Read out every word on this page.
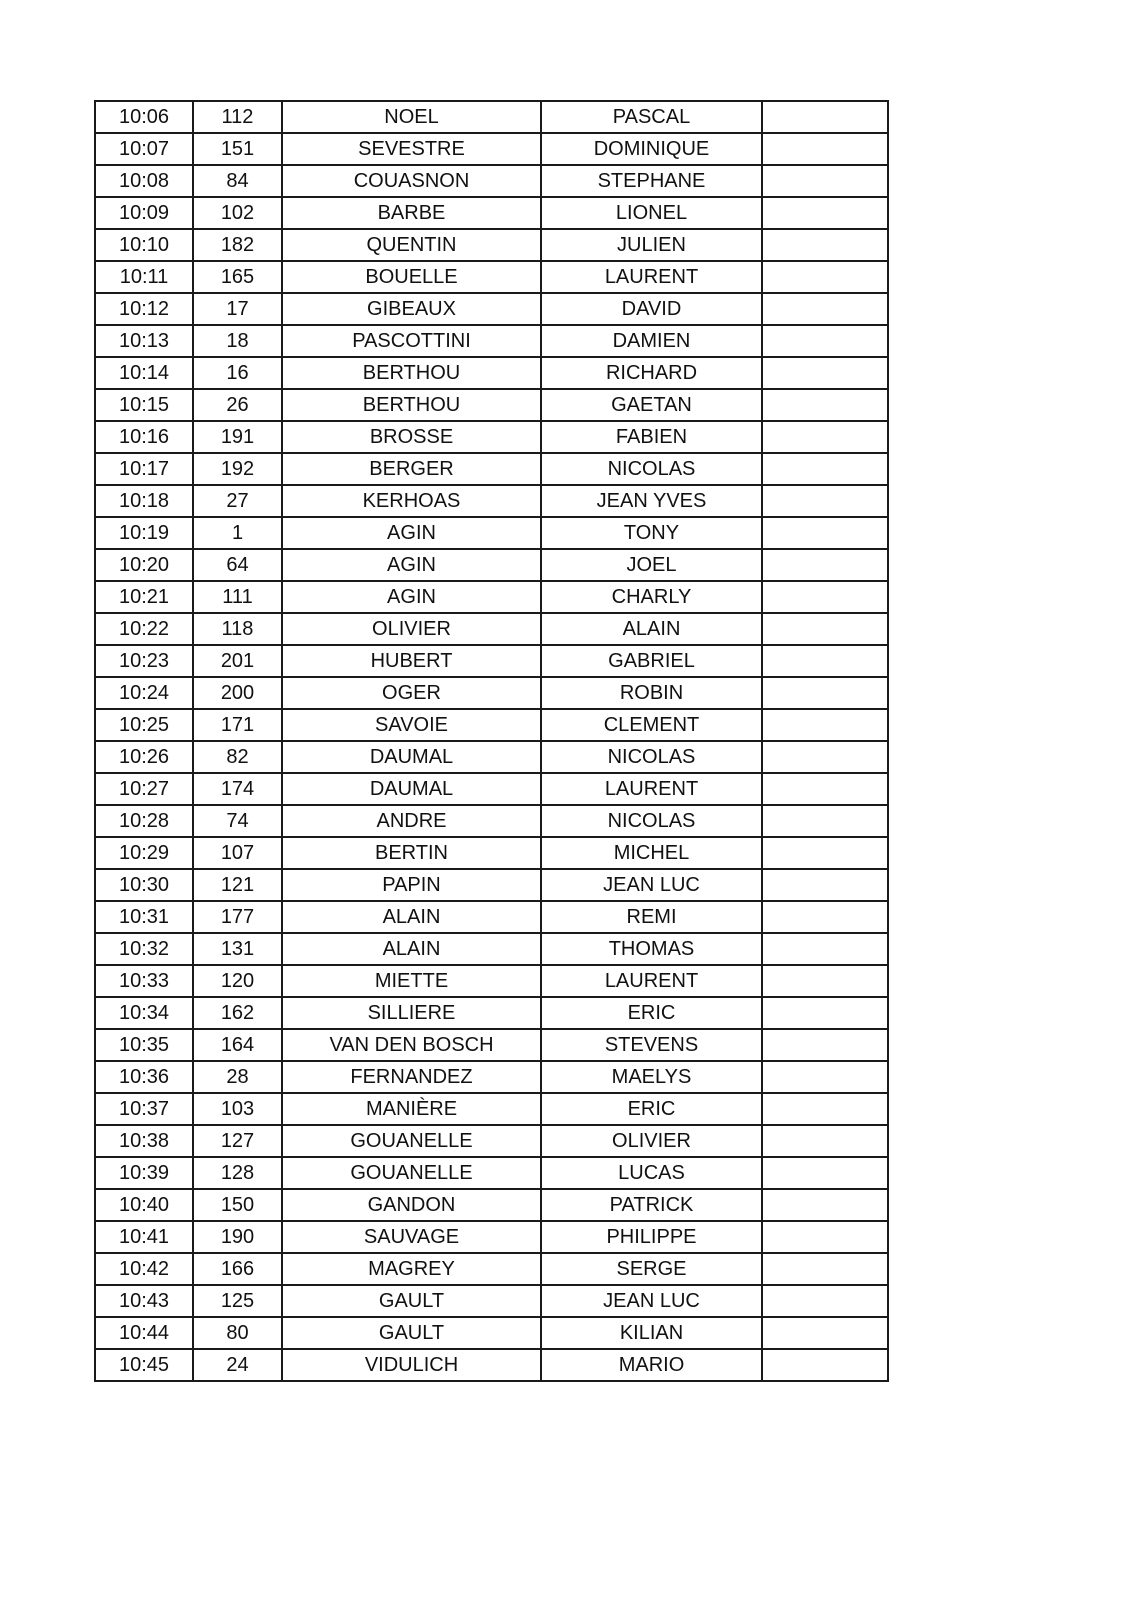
10:06	112	NOEL	PASCAL	
10:07	151	SEVESTRE	DOMINIQUE	
10:08	84	COUASNON	STEPHANE	
10:09	102	BARBE	LIONEL	
10:10	182	QUENTIN	JULIEN	
10:11	165	BOUELLE	LAURENT	
10:12	17	GIBEAUX	DAVID	
10:13	18	PASCOTTINI	DAMIEN	
10:14	16	BERTHOU	RICHARD	
10:15	26	BERTHOU	GAETAN	
10:16	191	BROSSE	FABIEN	
10:17	192	BERGER	NICOLAS	
10:18	27	KERHOAS	JEAN YVES	
10:19	1	AGIN	TONY	
10:20	64	AGIN	JOEL	
10:21	111	AGIN	CHARLY	
10:22	118	OLIVIER	ALAIN	
10:23	201	HUBERT	GABRIEL	
10:24	200	OGER	ROBIN	
10:25	171	SAVOIE	CLEMENT	
10:26	82	DAUMAL	NICOLAS	
10:27	174	DAUMAL	LAURENT	
10:28	74	ANDRE	NICOLAS	
10:29	107	BERTIN	MICHEL	
10:30	121	PAPIN	JEAN LUC	
10:31	177	ALAIN	REMI	
10:32	131	ALAIN	THOMAS	
10:33	120	MIETTE	LAURENT	
10:34	162	SILLIERE	ERIC	
10:35	164	VAN DEN BOSCH	STEVENS	
10:36	28	FERNANDEZ	MAELYS	
10:37	103	MANIÈRE	ERIC	
10:38	127	GOUANELLE	OLIVIER	
10:39	128	GOUANELLE	LUCAS	
10:40	150	GANDON	PATRICK	
10:41	190	SAUVAGE	PHILIPPE	
10:42	166	MAGREY	SERGE	
10:43	125	GAULT	JEAN LUC	
10:44	80	GAULT	KILIAN	
10:45	24	VIDULICH	MARIO	
